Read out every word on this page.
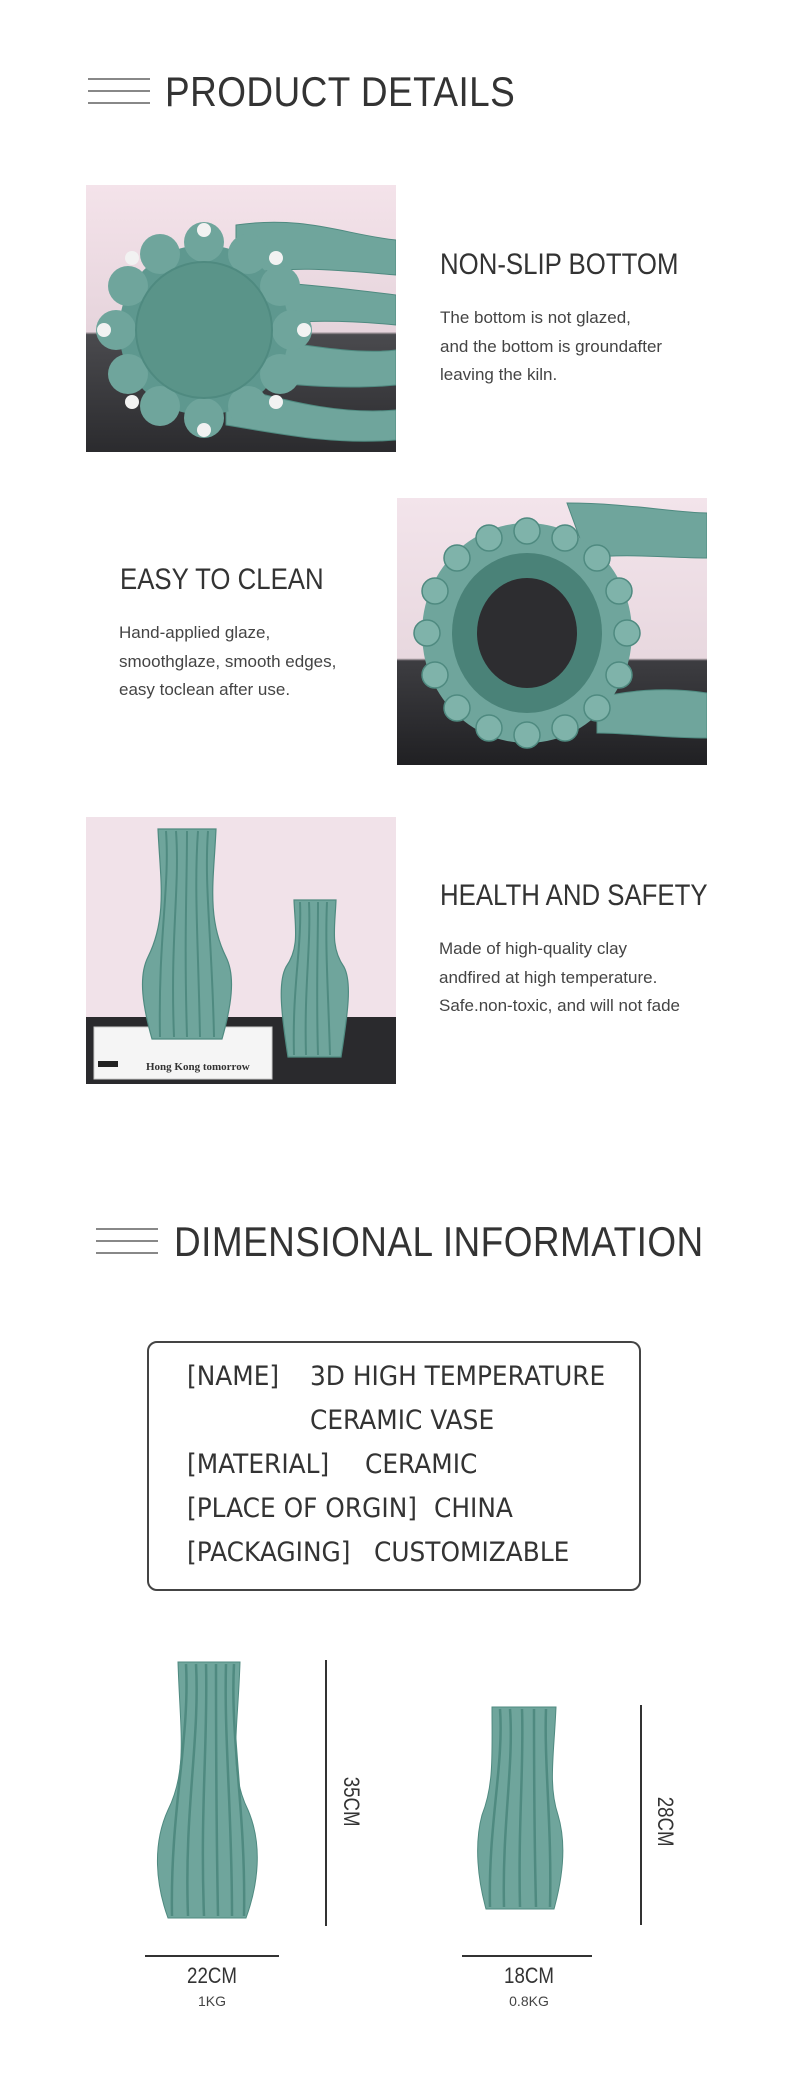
PRODUCT DETAILS
NON-SLIP BOTTOM
The bottom is not glazed,
and the bottom is groundafter
leaving the kiln.
EASY TO CLEAN
Hand-applied glaze,
smoothglaze, smooth edges,
easy toclean after use.
Hong Kong tomorrow
HEALTH AND SAFETY
Made of high-quality clay
andfired at high temperature.
Safe.non-toxic, and will not fade
DIMENSIONAL INFORMATION
[NAME] 3D HIGH TEMPERATURE
CERAMIC VASE
[MATERIAL] CERAMIC
[PLACE OF ORGIN] CHINA
[PACKAGING] CUSTOMIZABLE
35CM
22CM
1KG
28CM
18CM
0.8KG
